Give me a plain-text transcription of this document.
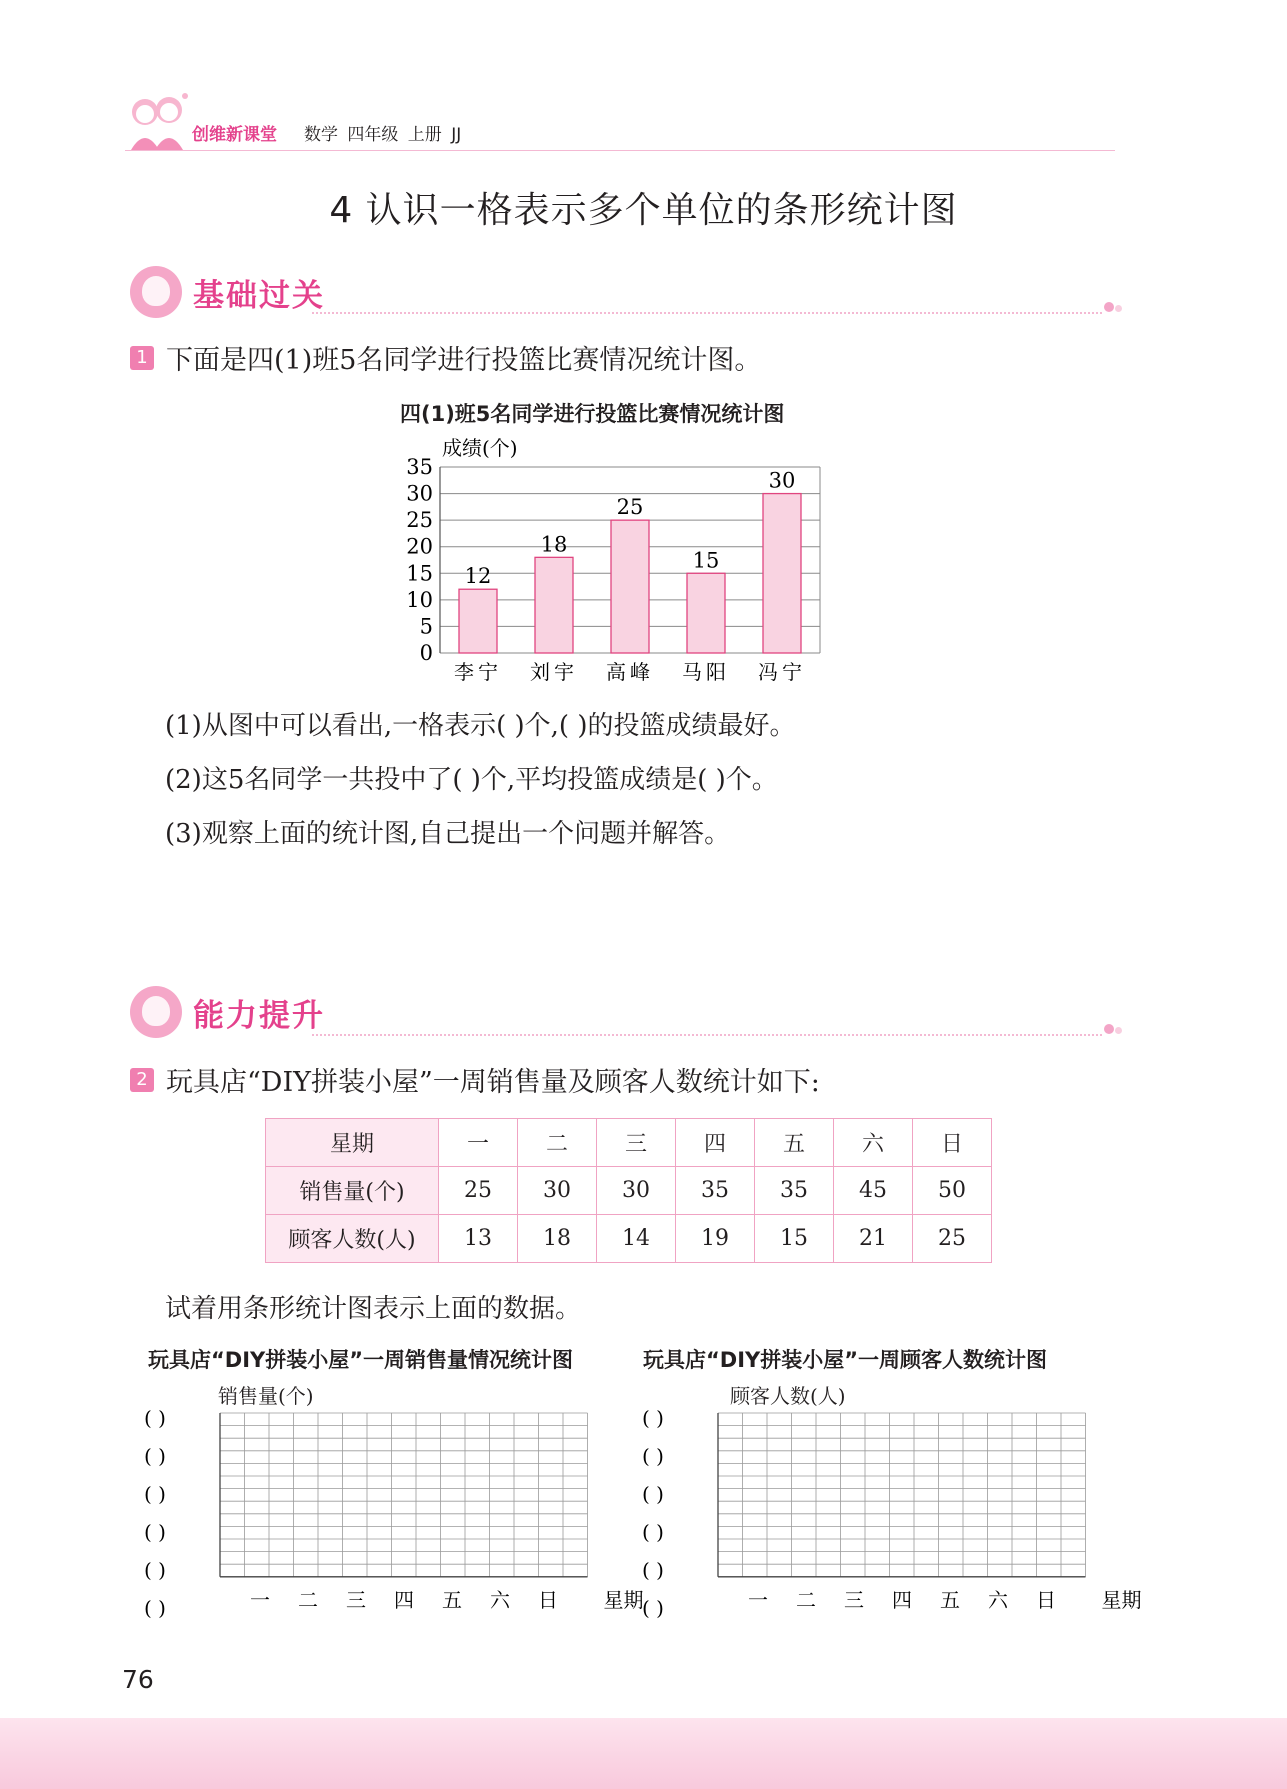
创维新课堂 数学 四年级 上册 JJ
4 认识一格表示多个单位的条形统计图
基础过关
1 下面是四(1)班5名同学进行投篮比赛情况统计图。
四(1)班5名同学进行投篮比赛情况统计图
成绩(个)
0
5
10
15
20
25
30
35
李宁 刘宇 高峰 马阳 冯宁
12
18
25
15
30
(1)从图中可以看出,一格表示( )个,( )的投篮成绩最好。
(2)这5名同学一共投中了( )个,平均投篮成绩是( )个。
(3)观察上面的统计图,自己提出一个问题并解答。
能力提升
2 玩具店“DIY拼装小屋”一周销售量及顾客人数统计如下:
星期	一	二	三	四	五	六	日
销售量(个)	25	30	30	35	35	45	50
顾客人数(人)	13	18	14	19	15	21	25
试着用条形统计图表示上面的数据。
玩具店“DIY拼装小屋”一周销售量情况统计图
销售量(个)
( )
( )
( )
( )
( )
( )	一 二 三 四 五 六 日 星期
玩具店“DIY拼装小屋”一周顾客人数统计图
顾客人数(人)
( )
( )
( )
( )
( )
( )	一 二 三 四 五 六 日 星期
76
